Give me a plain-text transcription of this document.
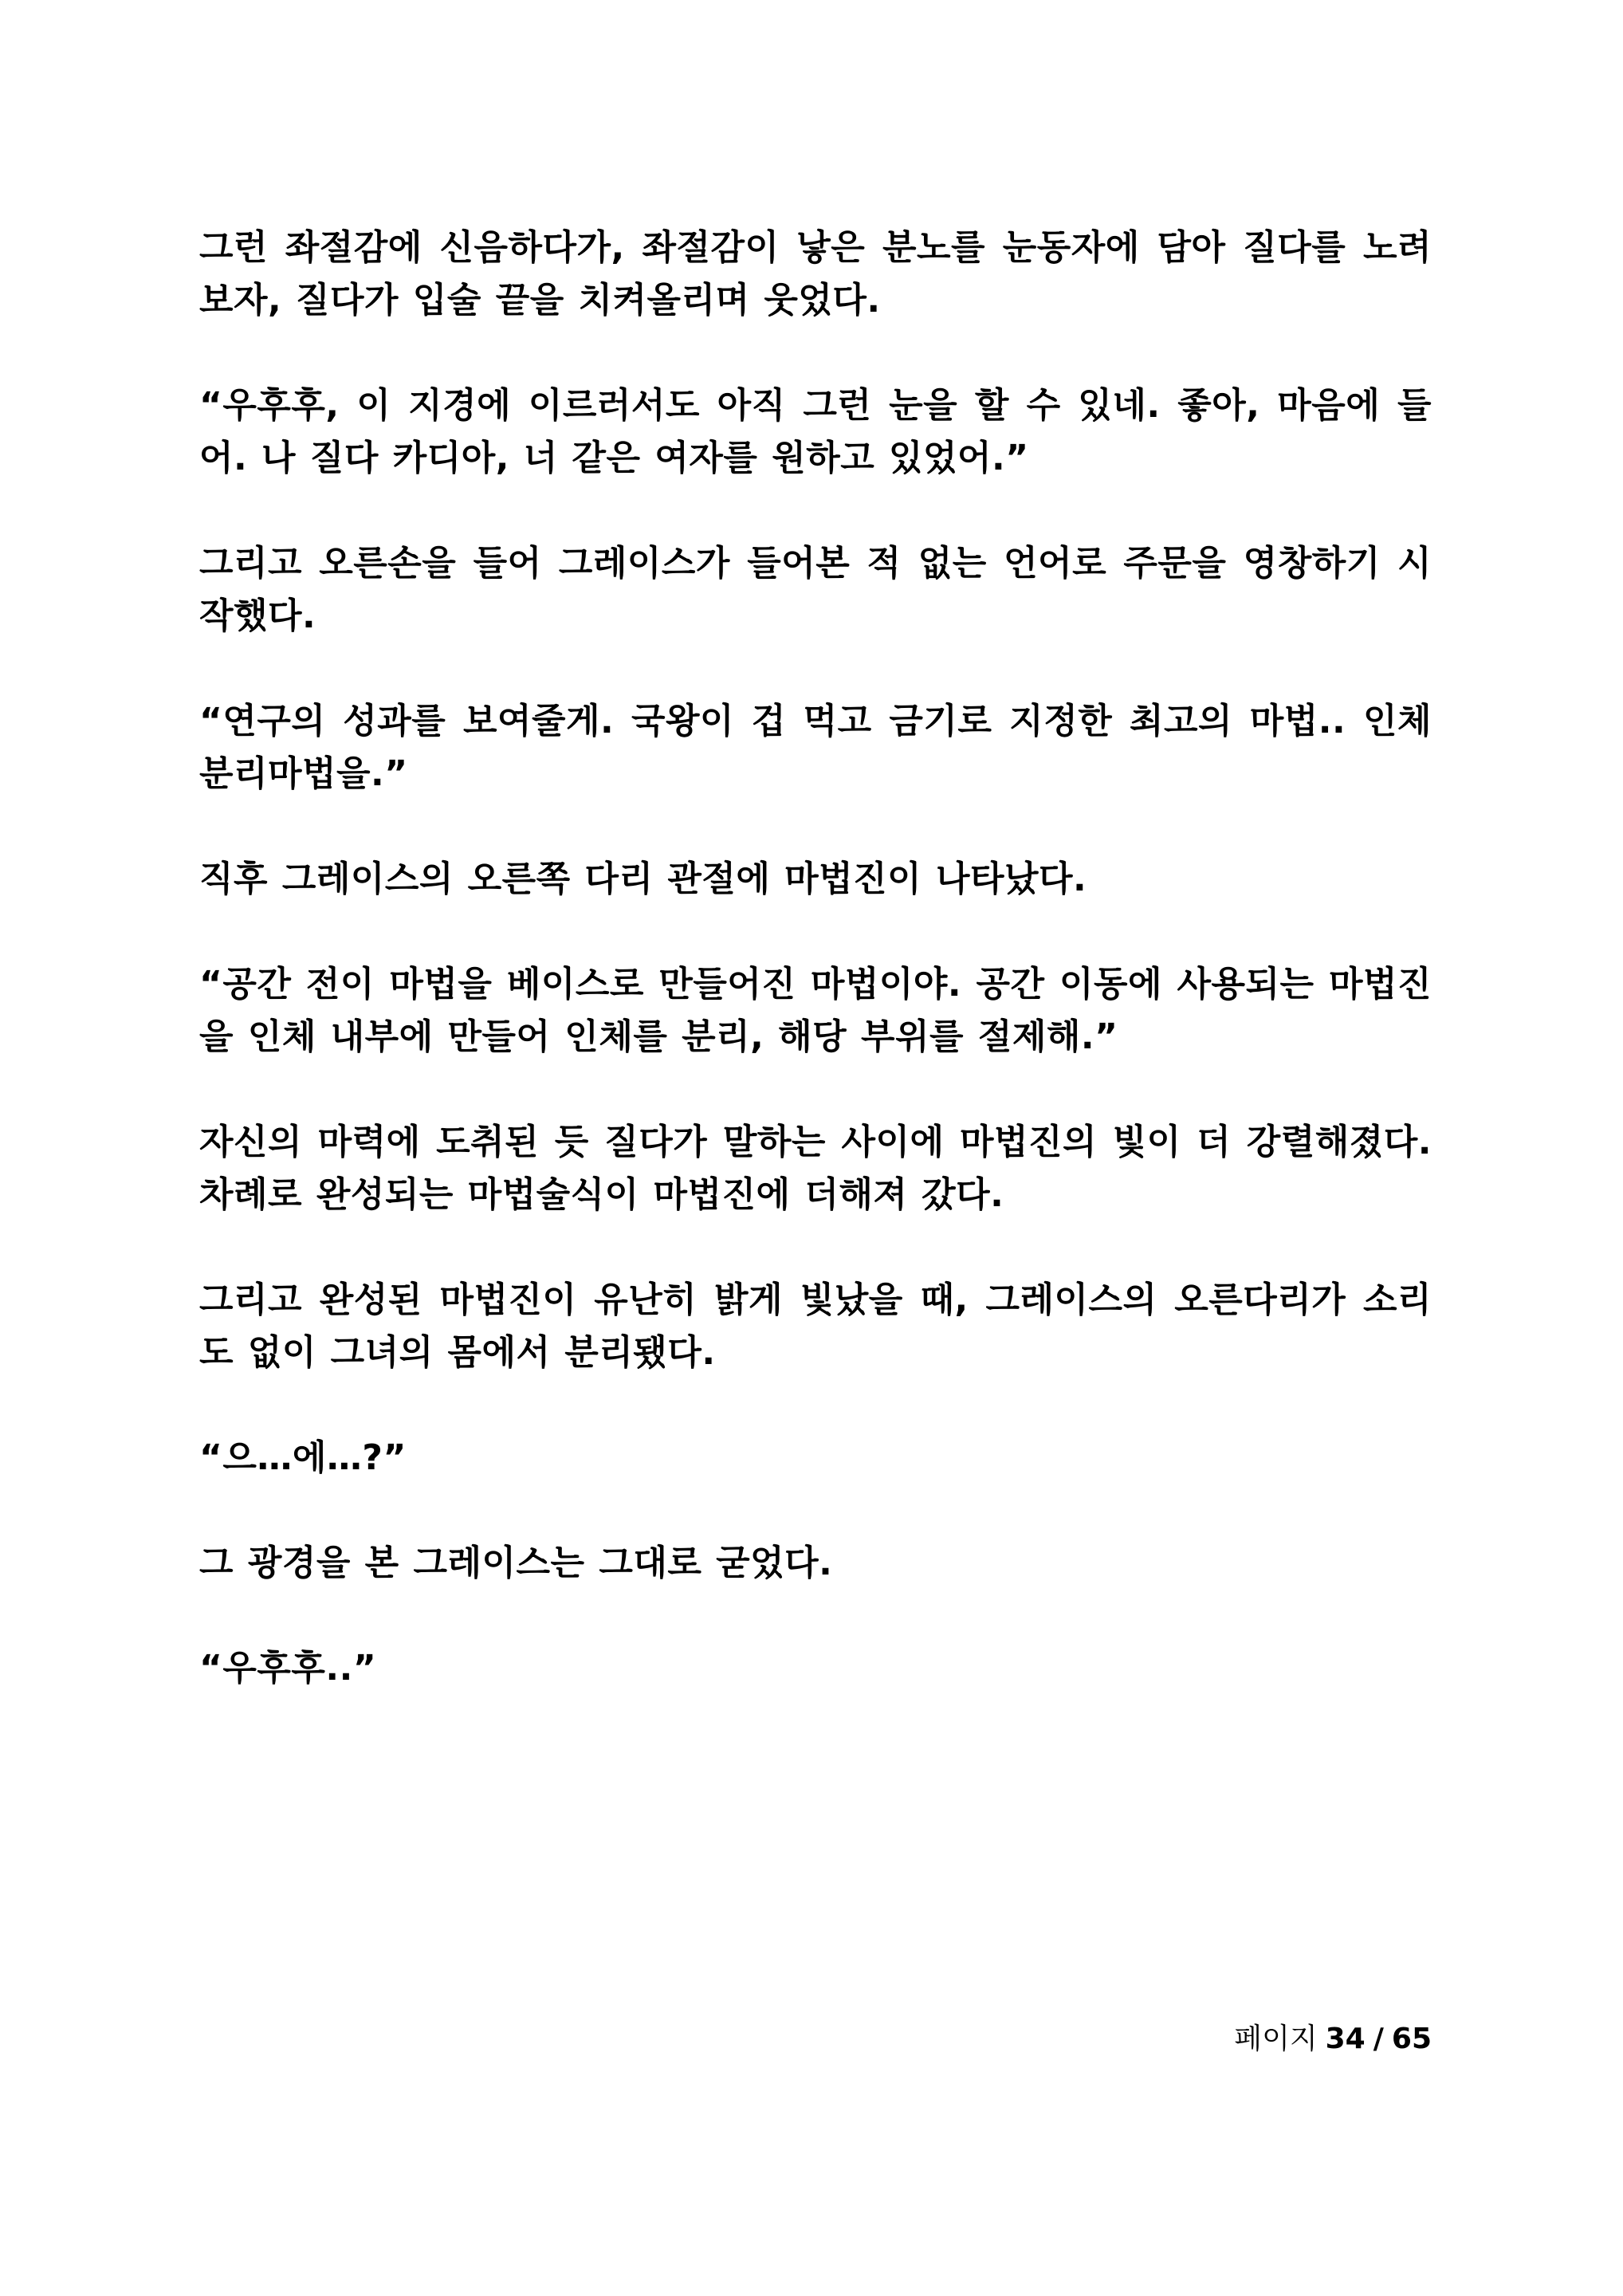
그런 좌절감에 신음하다가, 좌절감이 낳은 분노를 눈동자에 담아 질다를 노려보자, 질다가 입술 끝을 치켜올리며 웃었다.

“우후후, 이 지경에 이르러서도 아직 그런 눈을 할 수 있네. 좋아, 마음에 들어. 나 질다 카디아, 너 같은 여자를 원하고 있었어.”

그리고 오른손을 들어 그레이스가 들어본 적 없는 언어로 주문을 영창하기 시작했다.

“연구의 성과를 보여줄게. 국왕이 겁 먹고 금기로 지정한 최고의 마법.. 인체분리마법을.”

직후 그레이스의 오른쪽 다리 관절에 마법진이 나타났다.

“공간 전이 마법을 베이스로 만들어진 마법이야. 공간 이동에 사용되는 마법진을 인체 내부에 만들어 인체를 분리, 해당 부위를 절제해.”

자신의 마력에 도취된 듯 질다가 말하는 사이에 마법진의 빛이 더 강렬해졌다. 차례로 완성되는 마법술식이 마법진에 더해져 갔다.

그리고 완성된 마법진이 유난히 밝게 빛났을 때, 그레이스의 오른다리가 소리도 없이 그녀의 몸에서 분리됐다.

“으…에…?”

그 광경을 본 그레이스는 그대로 굳었다.

“우후후..”

페이지 34 / 65
